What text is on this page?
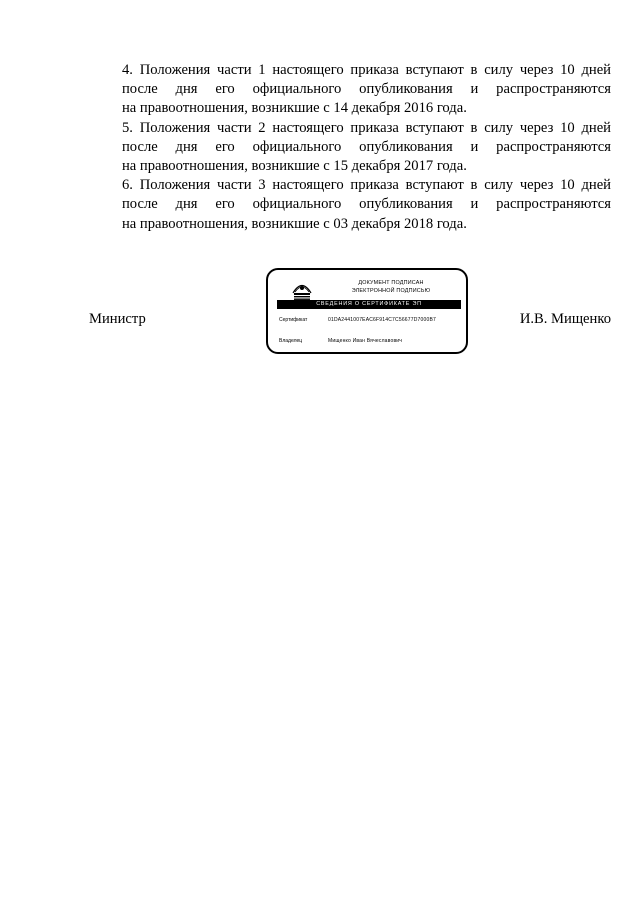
4. Положения части 1 настоящего приказа вступают в силу через 10 дней
после дня его официального опубликования и распространяются
на правоотношения, возникшие с 14 декабря 2016 года.

5. Положения части 2 настоящего приказа вступают в силу через 10 дней
после дня его официального опубликования и распространяются
на правоотношения, возникшие с 15 декабря 2017 года.

6. Положения части 3 настоящего приказа вступают в силу через 10 дней
после дня его официального опубликования и распространяются
на правоотношения, возникшие с 03 декабря 2018 года.

Министр	И.В. Мищенко
ДОКУМЕНТ ПОДПИСАН
ЭЛЕКТРОННОЙ ПОДПИСЬЮ
СВЕДЕНИЯ О СЕРТИФИКАТЕ ЭП
Сертификат	01DA2441007EAC6F914C7C56677D7000B7
Владелец	Мищенко Иван Вячеславович
